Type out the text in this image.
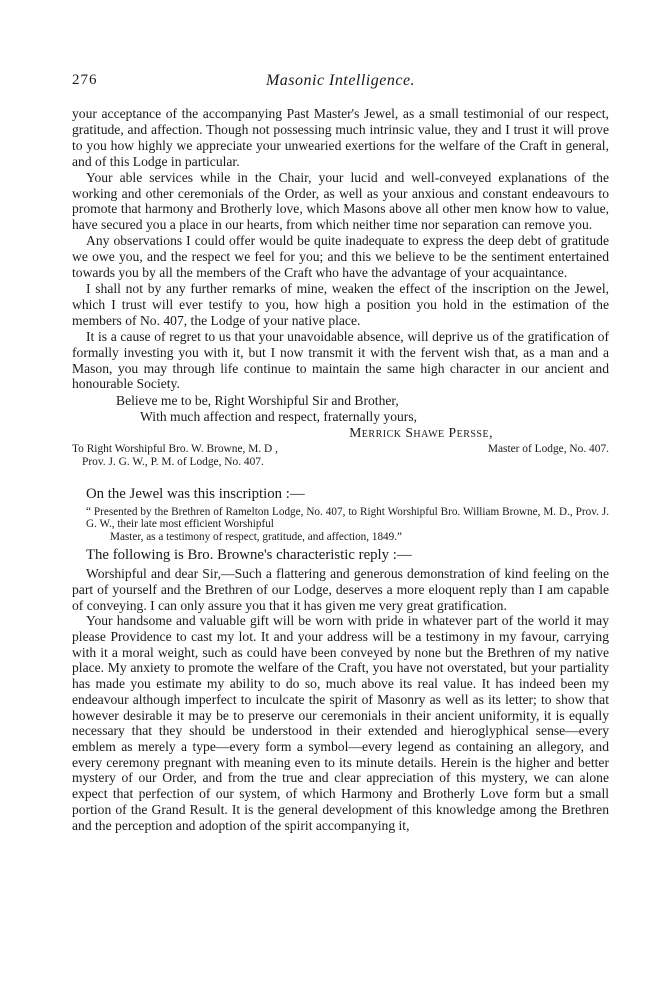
276	Masonic Intelligence.

your acceptance of the accompanying Past Master's Jewel, as a small testimonial of our respect, gratitude, and affection. Though not possessing much intrinsic value, they and I trust it will prove to you how highly we appreciate your unwearied exertions for the welfare of the Craft in general, and of this Lodge in particular.

Your able services while in the Chair, your lucid and well-conveyed explanations of the working and other ceremonials of the Order, as well as your anxious and constant endeavours to promote that harmony and Brotherly love, which Masons above all other men know how to value, have secured you a place in our hearts, from which neither time nor separation can remove you.

Any observations I could offer would be quite inadequate to express the deep debt of gratitude we owe you, and the respect we feel for you; and this we believe to be the sentiment entertained towards you by all the members of the Craft who have the advantage of your acquaintance.

I shall not by any further remarks of mine, weaken the effect of the inscription on the Jewel, which I trust will ever testify to you, how high a position you hold in the estimation of the members of No. 407, the Lodge of your native place.

It is a cause of regret to us that your unavoidable absence, will deprive us of the gratification of formally investing you with it, but I now transmit it with the fervent wish that, as a man and a Mason, you may through life continue to maintain the same high character in our ancient and honourable Society.

Believe me to be, Right Worshipful Sir and Brother,

With much affection and respect, fraternally yours,

Merrick Shawe Persse,

To Right Worshipful Bro. W. Browne, M. D ,
Prov. J. G. W., P. M. of Lodge, No. 407.
Master of Lodge, No. 407.

On the Jewel was this inscription :—

“ Presented by the Brethren of Ramelton Lodge, No. 407, to Right Worshipful Bro. William Browne, M. D., Prov. J. G. W., their late most efficient Worshipful
Master, as a testimony of respect, gratitude, and affection, 1849.”

The following is Bro. Browne's characteristic reply :—

Worshipful and dear Sir,—Such a flattering and generous demonstration of kind feeling on the part of yourself and the Brethren of our Lodge, deserves a more eloquent reply than I am capable of conveying. I can only assure you that it has given me very great gratification.

Your handsome and valuable gift will be worn with pride in whatever part of the world it may please Providence to cast my lot. It and your address will be a testimony in my favour, carrying with it a moral weight, such as could have been conveyed by none but the Brethren of my native place. My anxiety to promote the welfare of the Craft, you have not overstated, but your partiality has made you estimate my ability to do so, much above its real value. It has indeed been my endeavour although imperfect to inculcate the spirit of Masonry as well as its letter; to show that however desirable it may be to preserve our ceremonials in their ancient uniformity, it is equally necessary that they should be understood in their extended and hieroglyphical sense—every emblem as merely a type—every form a symbol—every legend as containing an allegory, and every ceremony pregnant with meaning even to its minute details. Herein is the higher and better mystery of our Order, and from the true and clear appreciation of this mystery, we can alone expect that perfection of our system, of which Harmony and Brotherly Love form but a small portion of the Grand Result. It is the general development of this knowledge among the Brethren and the perception and adoption of the spirit accompanying it,
